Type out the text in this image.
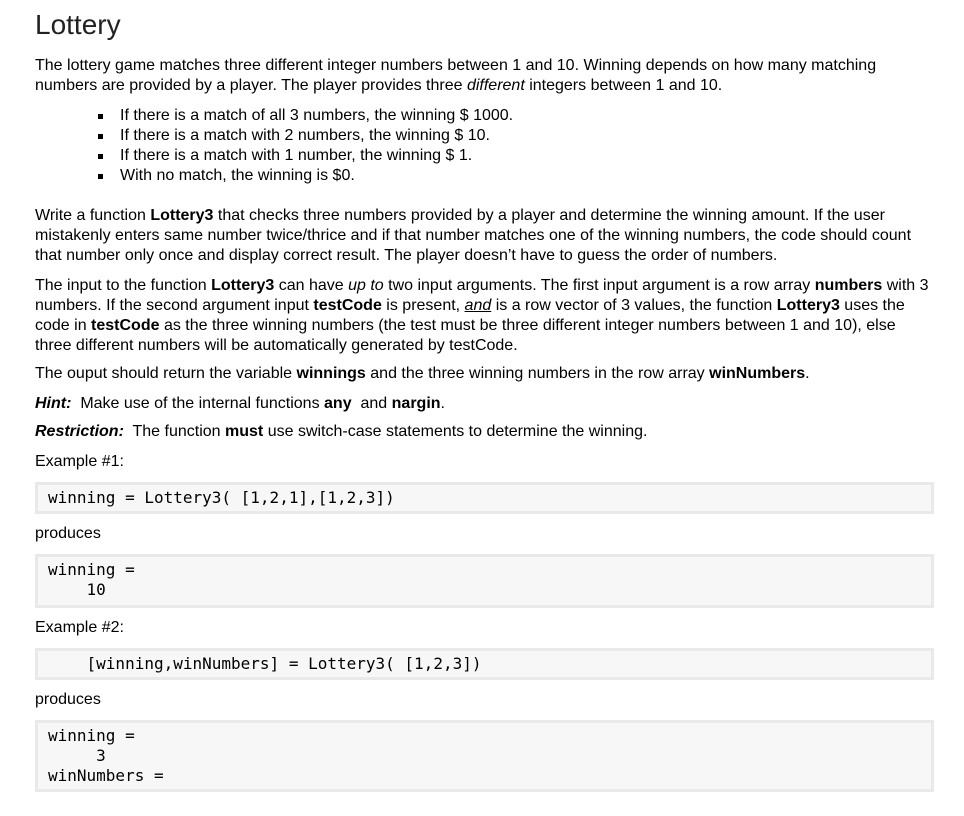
Lottery

The lottery game matches three different integer numbers between 1 and 10. Winning depends on how many matching numbers are provided by a player. The player provides three different integers between 1 and 10.

If there is a match of all 3 numbers, the winning $ 1000.
If there is a match with 2 numbers, the winning $ 10.
If there is a match with 1 number, the winning $ 1.
With no match, the winning is $0.

Write a function Lottery3 that checks three numbers provided by a player and determine the winning amount. If the user mistakenly enters same number twice/thrice and if that number matches one of the winning numbers, the code should count that number only once and display correct result. The player doesn’t have to guess the order of numbers.

The input to the function Lottery3 can have up to two input arguments. The first input argument is a row array numbers with 3 numbers. If the second argument input testCode is present, and is a row vector of 3 values, the function Lottery3 uses the code in testCode as the three winning numbers (the test must be three different integer numbers between 1 and 10), else three different numbers will be automatically generated by testCode.

The ouput should return the variable winnings and the three winning numbers in the row array winNumbers.

Hint:  Make use of the internal functions any  and nargin.

Restriction:  The function must use switch-case statements to determine the winning.

Example #1:

winning = Lottery3( [1,2,1],[1,2,3])

produces

winning =
10

Example #2:

[winning,winNumbers] = Lottery3( [1,2,3])

produces

winning =
3
winNumbers =
